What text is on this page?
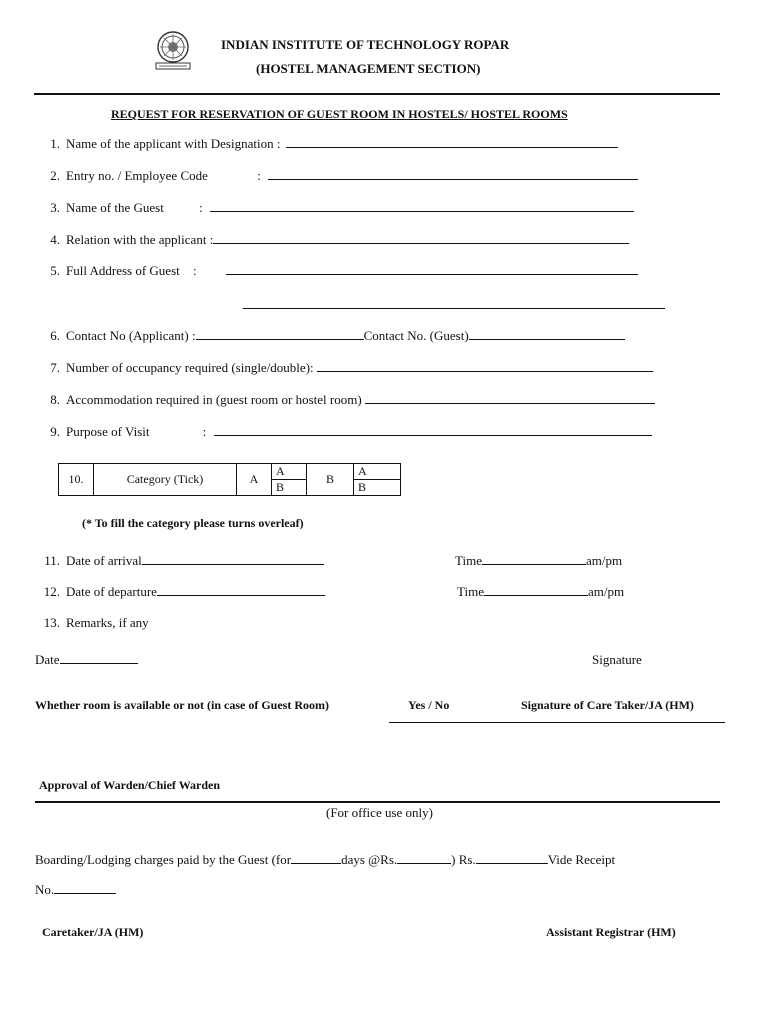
INDIAN INSTITUTE OF TECHNOLOGY ROPAR
(HOSTEL MANAGEMENT SECTION)
REQUEST FOR RESERVATION OF GUEST ROOM IN HOSTELS/ HOSTEL ROOMS
1. Name of the applicant with Designation :
2. Entry no. / Employee Code	:
3. Name of the Guest	:
4. Relation with the applicant :
5. Full Address of Guest :
6. Contact No (Applicant) :	Contact No. (Guest)
7. Number of occupancy required (single/double):
8. Accommodation required in (guest room or hostel room)
9. Purpose of Visit	:
10.	Category (Tick)	A	A	B	A
			B		B
(* To fill the category please turns overleaf)
11. Date of arrival	Time	am/pm
12. Date of departure	Time	am/pm
13. Remarks, if any
Date	Signature
Whether room is available or not (in case of Guest Room)	Yes / No	Signature of Care Taker/JA (HM)
Approval of Warden/Chief Warden
(For office use only)
Boarding/Lodging charges paid by the Guest (for	days @Rs.	) Rs.	Vide Receipt
No.
Caretaker/JA (HM)	Assistant Registrar (HM)
